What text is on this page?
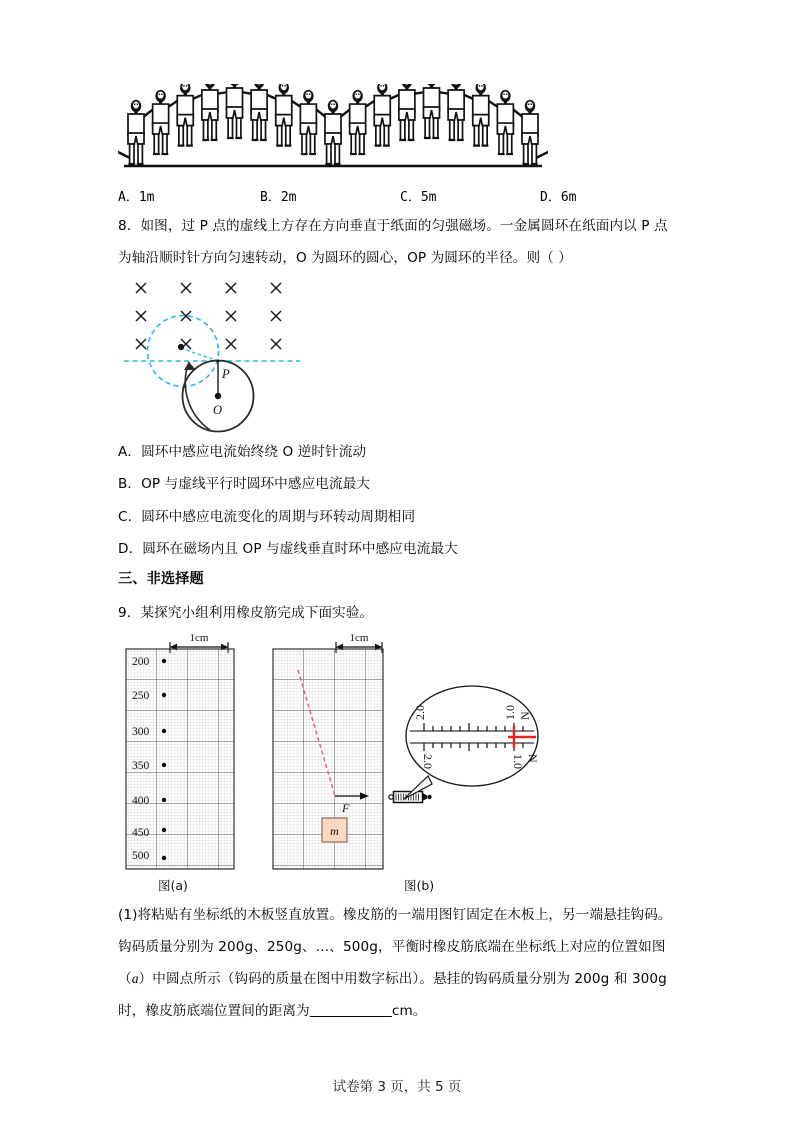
A．1m	B．2m	C．5m	D．6m
8．如图，过 P 点的虚线上方存在方向垂直于纸面的匀强磁场。一金属圆环在纸面内以 P 点
为轴沿顺时针方向匀速转动，O 为圆环的圆心，OP 为圆环的半径。则（ ）
P
O
A．圆环中感应电流始终绕 O 逆时针流动
B．OP 与虚线平行时圆环中感应电流最大
C．圆环中感应电流变化的周期与环转动周期相同
D．圆环在磁场内且 OP 与虚线垂直时环中感应电流最大
三、非选择题
9．某探究小组利用橡皮筋完成下面实验。
1cm
200
250
300
350
400
450
500
图(a)
1cm
F
m
图(b)
2.0	1.0 N
2.0	1.0 N
(1)将粘贴有坐标纸的木板竖直放置。橡皮筋的一端用图钉固定在木板上，另一端悬挂钩码。
钩码质量分别为 200g、250g、…、500g，平衡时橡皮筋底端在坐标纸上对应的位置如图
（a）中圆点所示（钩码的质量在图中用数字标出）。悬挂的钩码质量分别为 200g 和 300g
时，橡皮筋底端位置间的距离为　　　　　　	cm。
试卷第 3 页，共 5 页
